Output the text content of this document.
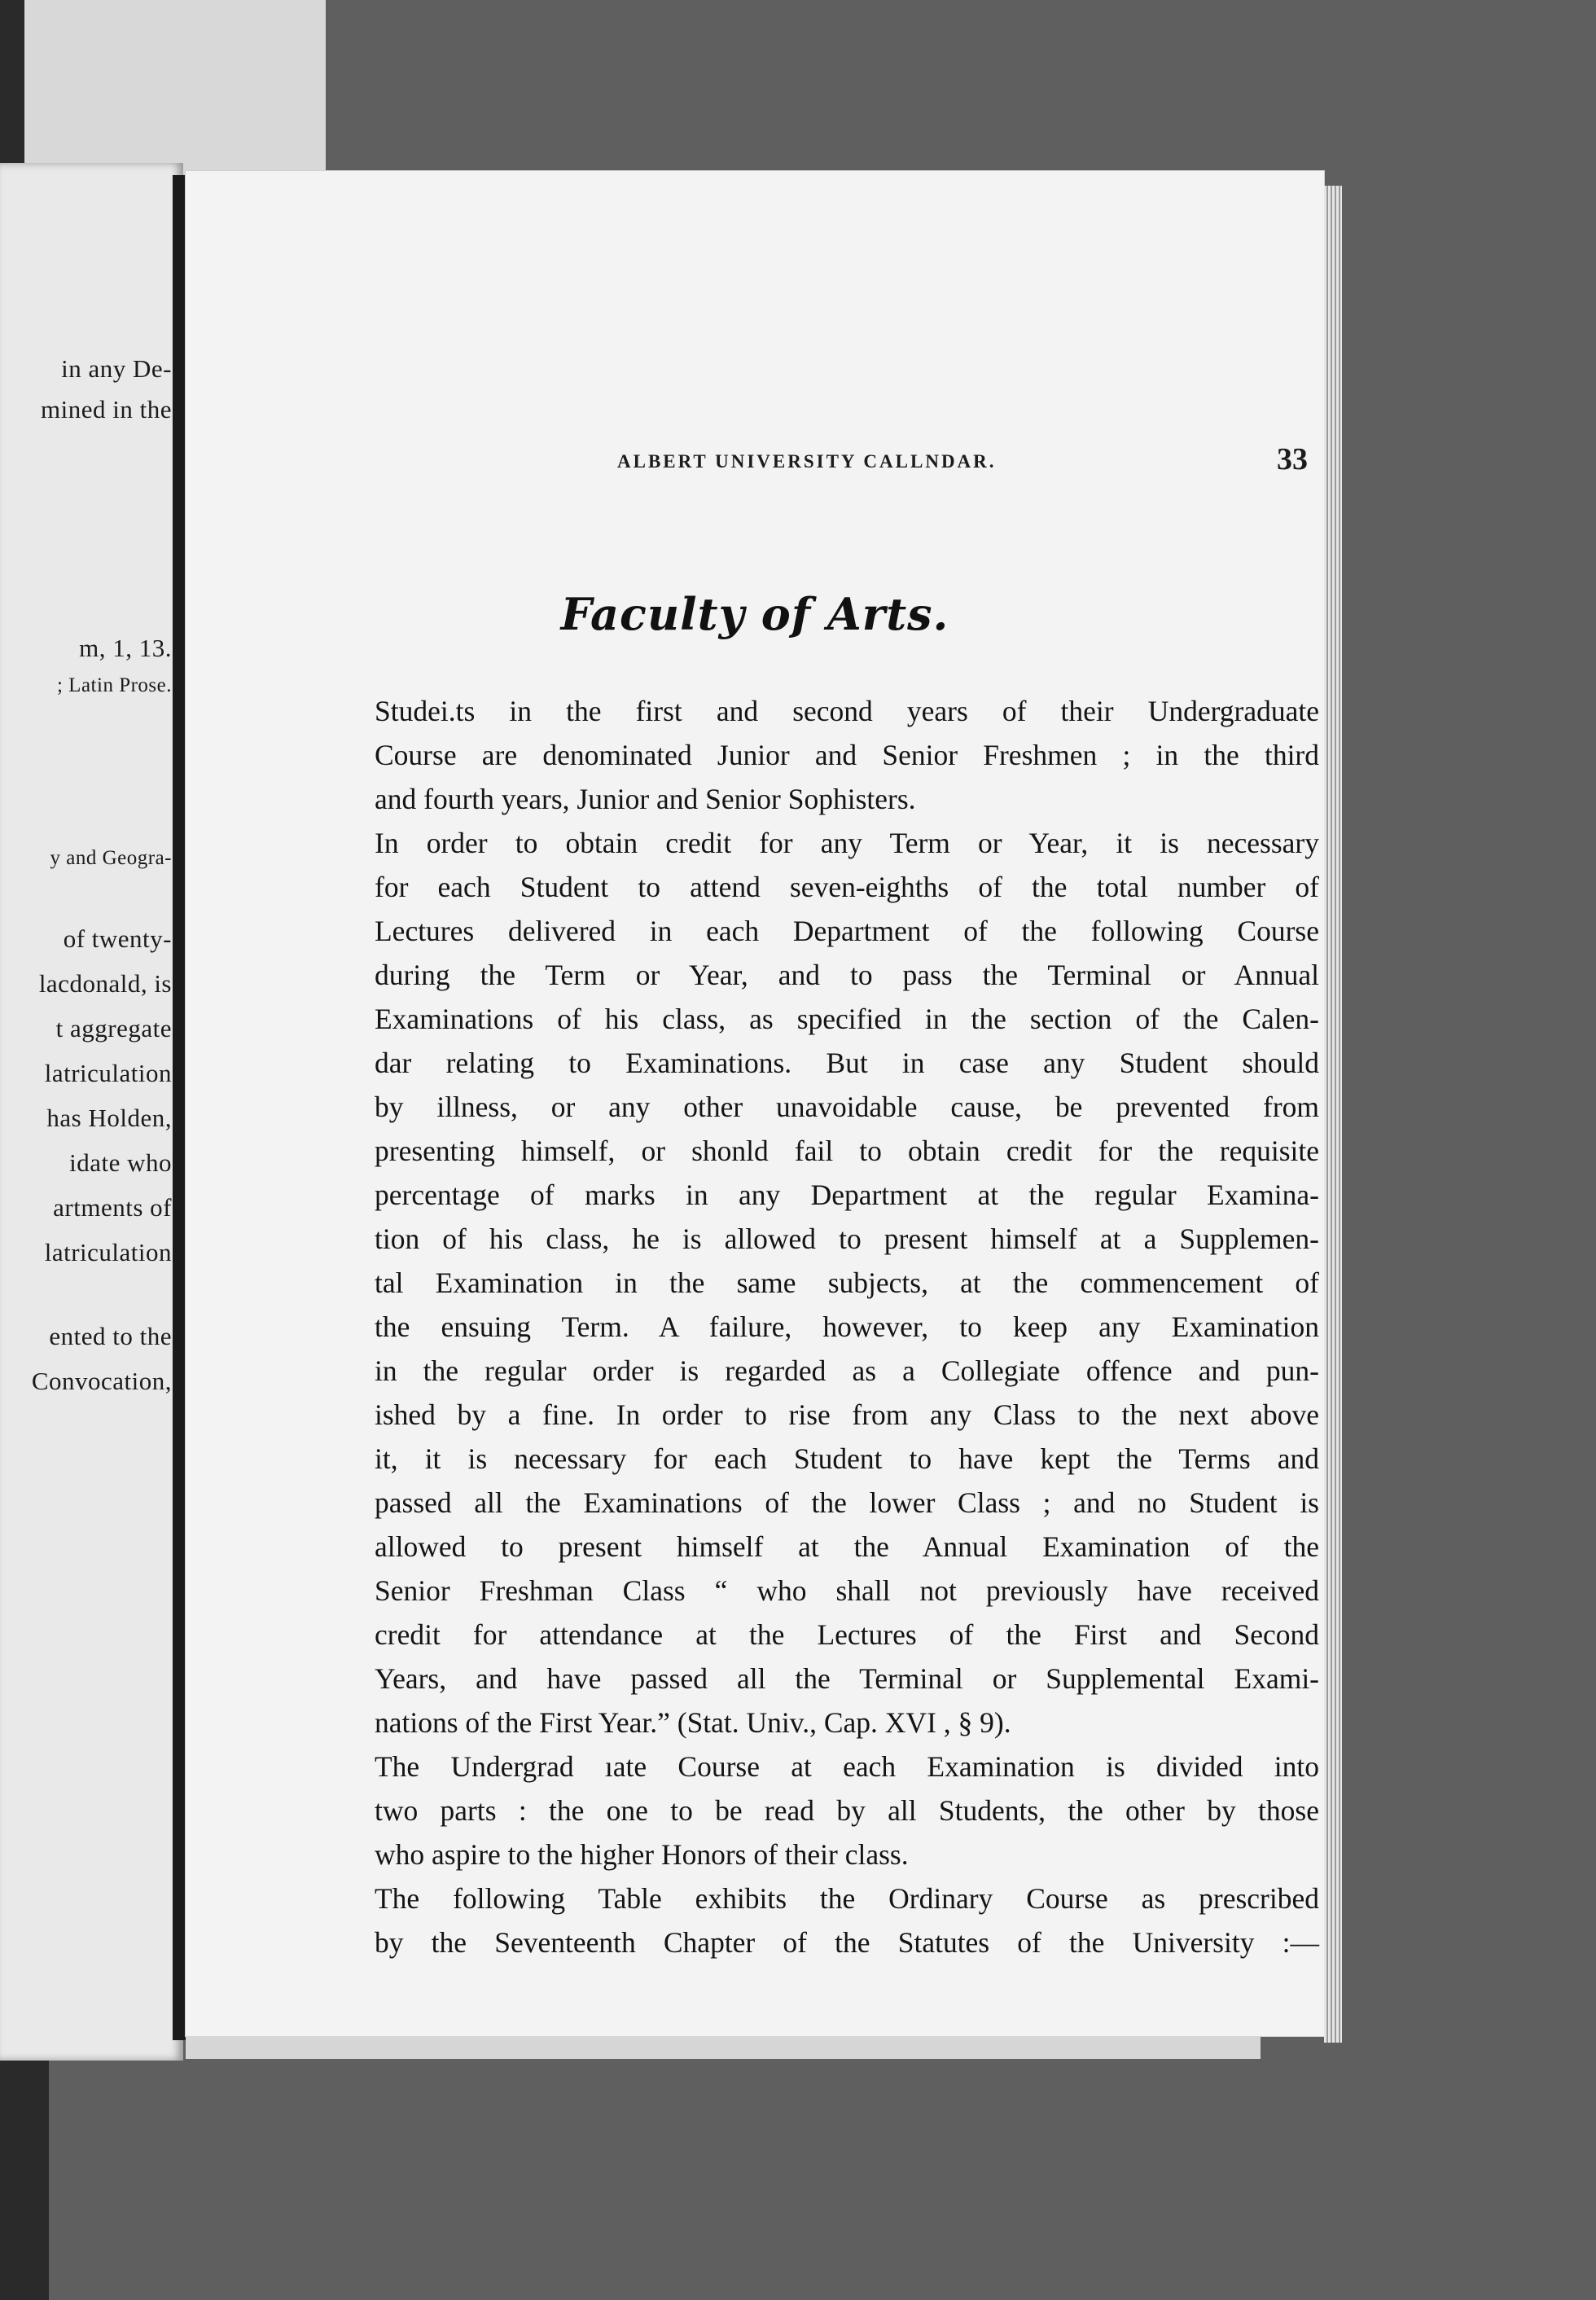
in any De-
mined in the
m, 1, 13.
; Latin Prose.
y and Geogra-
of twenty-
lacdonald, is
t aggregate
latriculation
has Holden,
idate who
artments of
latriculation
ented to the
Convocation,
ALBERT UNIVERSITY CALLNDAR.	33
Faculty of Arts.
Studei.ts in the first and second years of their Undergraduate
Course are denominated Junior and Senior Freshmen ; in the third
and fourth years, Junior and Senior Sophisters.
In order to obtain credit for any Term or Year, it is necessary
for each Student to attend seven-eighths of the total number of
Lectures delivered in each Department of the following Course
during the Term or Year, and to pass the Terminal or Annual
Examinations of his class, as specified in the section of the Calen-
dar relating to Examinations. But in case any Student should
by illness, or any other unavoidable cause, be prevented from
presenting himself, or shonld fail to obtain credit for the requisite
percentage of marks in any Department at the regular Examina-
tion of his class, he is allowed to present himself at a Supplemen-
tal Examination in the same subjects, at the commencement of
the ensuing Term. A failure, however, to keep any Examination
in the regular order is regarded as a Collegiate offence and pun-
ished by a fine. In order to rise from any Class to the next above
it, it is necessary for each Student to have kept the Terms and
passed all the Examinations of the lower Class ; and no Student is
allowed to present himself at the Annual Examination of the
Senior Freshman Class “ who shall not previously have received
credit for attendance at the Lectures of the First and Second
Years, and have passed all the Terminal or Supplemental Exami-
nations of the First Year.” (Stat. Univ., Cap. XVI , § 9).
The Undergrad ıate Course at each Examination is divided into
two parts : the one to be read by all Students, the other by those
who aspire to the higher Honors of their class.
The following Table exhibits the Ordinary Course as prescribed
by the Seventeenth Chapter of the Statutes of the University :—
